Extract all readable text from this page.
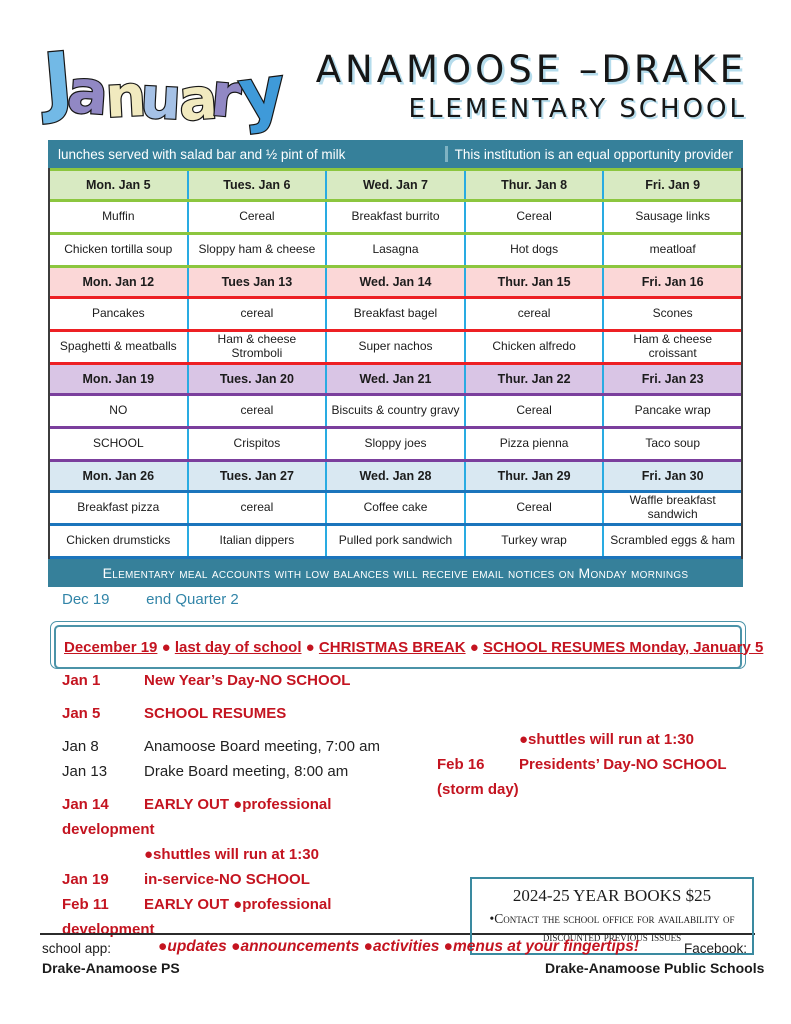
January ANAMOOSE –DRAKE
ELEMENTARY SCHOOL
lunches served with salad bar and ½ pint of milk	This institution is an equal opportunity provider
Mon. Jan 5	Tues. Jan 6	Wed. Jan 7	Thur. Jan 8	Fri. Jan 9
Muffin	Cereal	Breakfast burrito	Cereal	Sausage links
Chicken tortilla soup	Sloppy ham & cheese	Lasagna	Hot dogs	meatloaf
Mon. Jan 12	Tues Jan 13	Wed. Jan 14	Thur. Jan 15	Fri. Jan 16
Pancakes	cereal	Breakfast bagel	cereal	Scones
Spaghetti & meatballs	Ham & cheese Stromboli	Super nachos	Chicken alfredo	Ham & cheese croissant
Mon. Jan 19	Tues. Jan 20	Wed. Jan 21	Thur. Jan 22	Fri. Jan 23
NO	cereal	Biscuits & country gravy	Cereal	Pancake wrap
SCHOOL	Crispitos	Sloppy joes	Pizza pienna	Taco soup
Mon. Jan 26	Tues. Jan 27	Wed. Jan 28	Thur. Jan 29	Fri. Jan 30
Breakfast pizza	cereal	Coffee cake	Cereal	Waffle breakfast sandwich
Chicken drumsticks	Italian dippers	Pulled pork sandwich	Turkey wrap	Scrambled eggs & ham
Elementary meal accounts with low balances will receive email notices on Monday mornings
Dec 19 end Quarter 2
December 19 ● last day of school ● CHRISTMAS BREAK ● SCHOOL RESUMES Monday, January 5
Jan 1	New Year’s Day-NO SCHOOL
Jan 5	SCHOOL RESUMES
Jan 8	Anamoose Board meeting, 7:00 am
Jan 13 Drake Board meeting, 8:00 am
Jan 14 EARLY OUT ●professional
development
●shuttles will run at 1:30
Jan 19 in-service-NO SCHOOL
Feb 11 EARLY OUT ●professional
development
●shuttles will run at 1:30
Feb 16 Presidents’ Day-NO SCHOOL
(storm day)
2024-25 YEAR BOOKS $25
•Contact the school office for availability of discounted previous issues
school app:	●updates ●announcements ●activities ●menus at your fingertips!	Facebook:
Drake-Anamoose PS	Drake-Anamoose Public Schools
